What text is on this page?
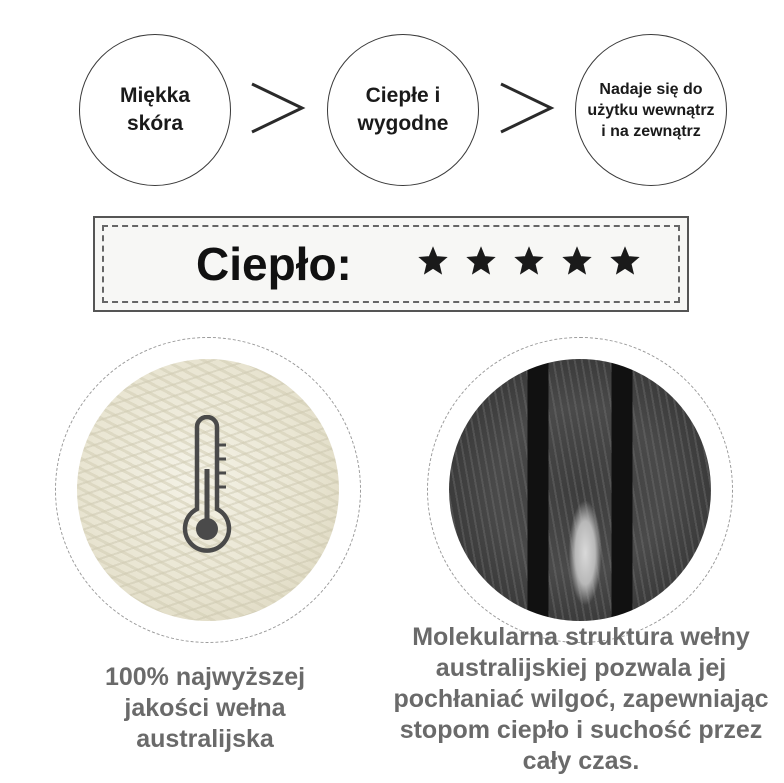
Miękka skóra
Ciepłe i wygodne
Nadaje się do użytku wewnątrz i na zewnątrz
Ciepło:
100% najwyższej jakości wełna australijska
Molekularna struktura wełny australijskiej pozwala jej pochłaniać wilgoć, zapewniając stopom ciepło i suchość przez cały czas.
